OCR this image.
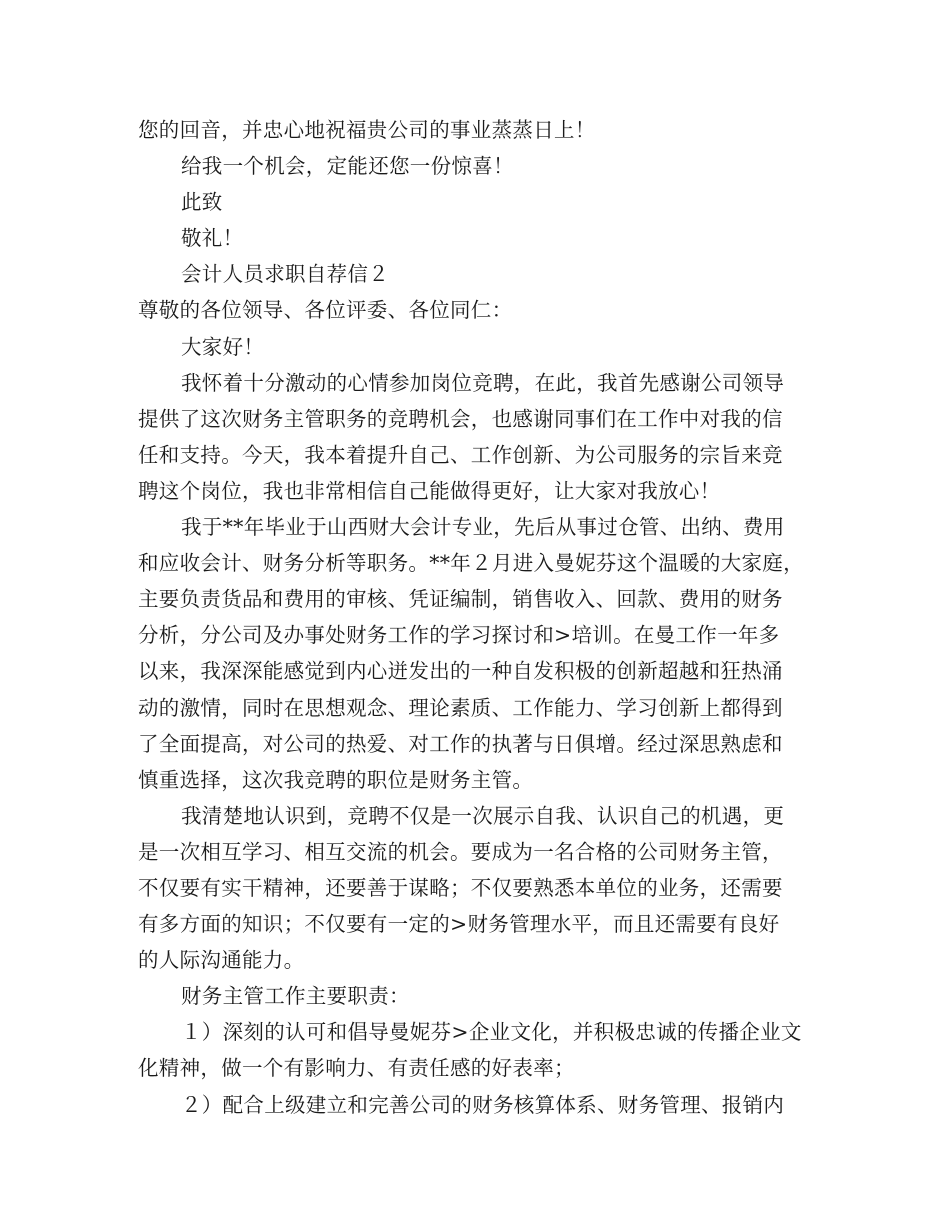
您的回音，并忠心地祝福贵公司的事业蒸蒸日上！
给我一个机会，定能还您一份惊喜！
此致
敬礼！
会计人员求职自荐信２
尊敬的各位领导、各位评委、各位同仁：
大家好！
我怀着十分激动的心情参加岗位竞聘，在此，我首先感谢公司领导
提供了这次财务主管职务的竞聘机会，也感谢同事们在工作中对我的信
任和支持。今天，我本着提升自己、工作创新、为公司服务的宗旨来竞
聘这个岗位，我也非常相信自己能做得更好，让大家对我放心！
我于**年毕业于山西财大会计专业，先后从事过仓管、出纳、费用
和应收会计、财务分析等职务。**年２月进入曼妮芬这个温暖的大家庭，
主要负责货品和费用的审核、凭证编制，销售收入、回款、费用的财务
分析，分公司及办事处财务工作的学习探讨和>培训。在曼工作一年多
以来，我深深能感觉到内心迸发出的一种自发积极的创新超越和狂热涌
动的激情，同时在思想观念、理论素质、工作能力、学习创新上都得到
了全面提高，对公司的热爱、对工作的执著与日俱增。经过深思熟虑和
慎重选择，这次我竞聘的职位是财务主管。
我清楚地认识到，竞聘不仅是一次展示自我、认识自己的机遇，更
是一次相互学习、相互交流的机会。要成为一名合格的公司财务主管，
不仅要有实干精神，还要善于谋略；不仅要熟悉本单位的业务，还需要
有多方面的知识；不仅要有一定的>财务管理水平，而且还需要有良好
的人际沟通能力。
财务主管工作主要职责：
１）深刻的认可和倡导曼妮芬>企业文化，并积极忠诚的传播企业文
化精神，做一个有影响力、有责任感的好表率；
２）配合上级建立和完善公司的财务核算体系、财务管理、报销内
